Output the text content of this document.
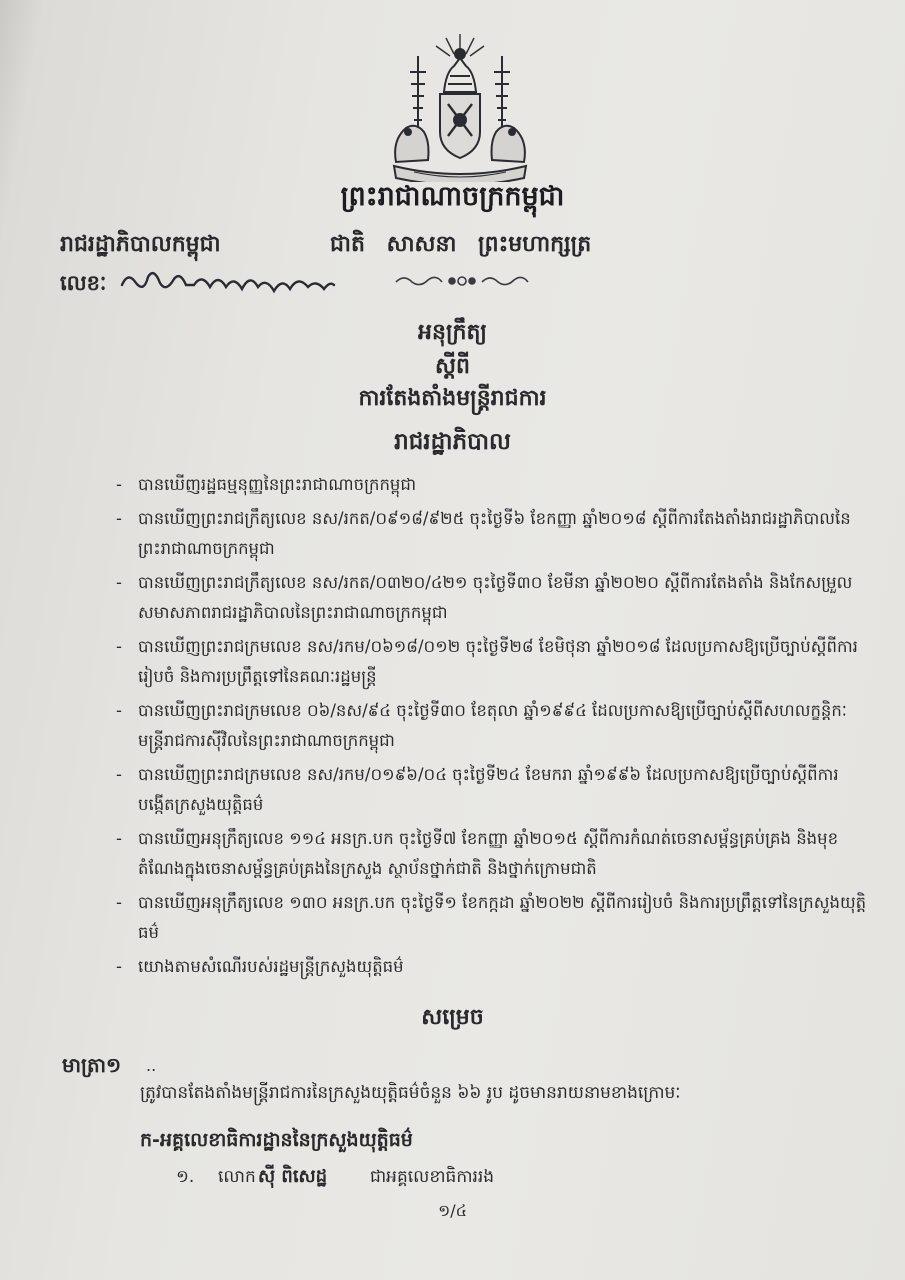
ព្រះរាជាណាចក្រកម្ពុជា
រាជរដ្ឋាភិបាលកម្ពុជា	ជាតិ សាសនា ព្រះមហាក្សត្រ
លេខៈ
អនុក្រឹត្យ
ស្តីពី
ការតែងតាំងមន្ត្រីរាជការ
រាជរដ្ឋាភិបាល
- បានឃើញរដ្ឋធម្មនុញ្ញនៃព្រះរាជាណាចក្រកម្ពុជា
- បានឃើញព្រះរាជក្រឹត្យលេខ នស/រកត/០៩១៨/៩២៥ ចុះថ្ងៃទី៦ ខែកញ្ញា ឆ្នាំ២០១៨ ស្តីពីការតែងតាំងរាជរដ្ឋាភិបាលនៃព្រះរាជាណាចក្រកម្ពុជា
- បានឃើញព្រះរាជក្រឹត្យលេខ នស/រកត/០៣២០/៤២១ ចុះថ្ងៃទី៣០ ខែមីនា ឆ្នាំ២០២០ ស្តីពីការតែងតាំង និងកែសម្រួលសមាសភាពរាជរដ្ឋាភិបាលនៃព្រះរាជាណាចក្រកម្ពុជា
- បានឃើញព្រះរាជក្រមលេខ នស/រកម/០៦១៨/០១២ ចុះថ្ងៃទី២៨ ខែមិថុនា ឆ្នាំ២០១៨ ដែលប្រកាសឱ្យប្រើច្បាប់ស្តីពីការរៀបចំ និងការប្រព្រឹត្តទៅនៃគណៈរដ្ឋមន្ត្រី
- បានឃើញព្រះរាជក្រមលេខ ០៦/នស/៩៤ ចុះថ្ងៃទី៣០ ខែតុលា ឆ្នាំ១៩៩៤ ដែលប្រកាសឱ្យប្រើច្បាប់ស្តីពីសហលក្ខន្តិកៈមន្ត្រីរាជការស៊ីវិលនៃព្រះរាជាណាចក្រកម្ពុជា
- បានឃើញព្រះរាជក្រមលេខ នស/រកម/០១៩៦/០៤ ចុះថ្ងៃទី២៤ ខែមករា ឆ្នាំ១៩៩៦ ដែលប្រកាសឱ្យប្រើច្បាប់ស្តីពីការបង្កើតក្រសួងយុត្តិធម៌
- បានឃើញអនុក្រឹត្យលេខ ១១៤ អនក្រ.បក ចុះថ្ងៃទី៧ ខែកញ្ញា ឆ្នាំ២០១៥ ស្តីពីការកំណត់ចេនាសម្ព័ន្ធគ្រប់គ្រង និងមុខតំណែងក្នុងចេនាសម្ព័ន្ធគ្រប់គ្រងនៃក្រសួង ស្ថាប័នថ្នាក់ជាតិ និងថ្នាក់ក្រោមជាតិ
- បានឃើញអនុក្រឹត្យលេខ ១៣០ អនក្រ.បក ចុះថ្ងៃទី១ ខែកក្កដា ឆ្នាំ២០២២ ស្តីពីការរៀបចំ និងការប្រព្រឹត្តទៅនៃក្រសួងយុត្តិធម៌
- យោងតាមសំណើរបស់រដ្ឋមន្ត្រីក្រសួងយុត្តិធម៌
សម្រេច
មាត្រា១ ..
ត្រូវបានតែងតាំងមន្ត្រីរាជការនៃក្រសួងយុត្តិធម៌ចំនួន ៦៦ រូប ដូចមានរាយនាមខាងក្រោមៈ
ក-អគ្គលេខាធិការដ្ឋាននៃក្រសួងយុត្តិធម៌
១. លោក ស៊ី ពិសេដ្ឋ	ជាអគ្គលេខាធិការរង
១/៤
